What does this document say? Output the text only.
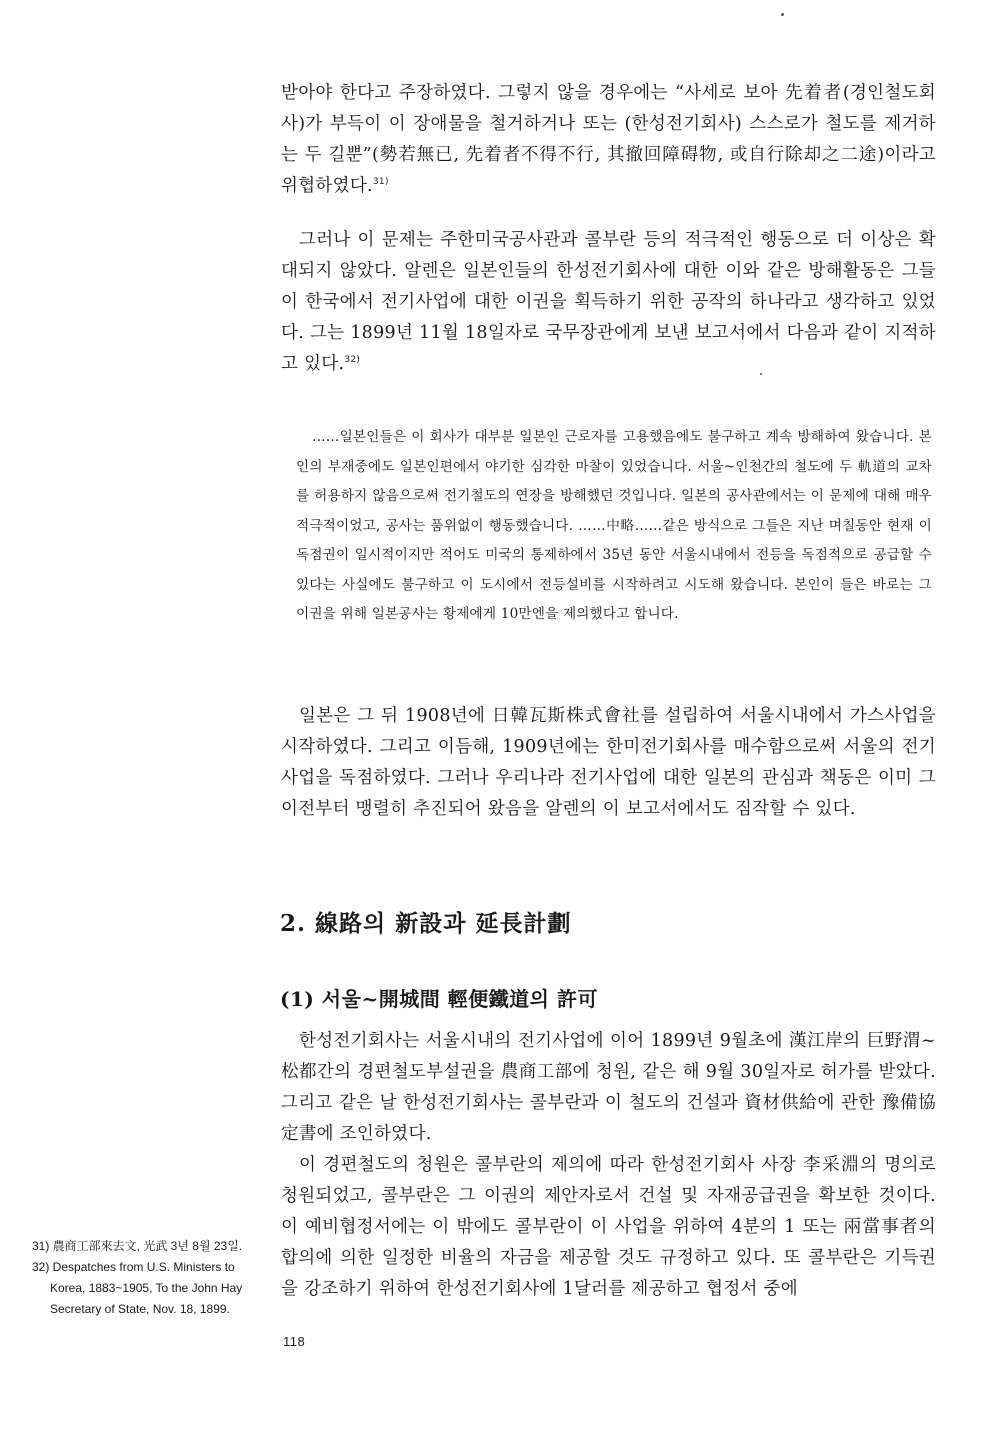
받아야 한다고 주장하였다. 그렇지 않을 경우에는 “사세로 보아 先着者(경인철도회사)가 부득이 이 장애물을 철거하거나 또는 (한성전기회사) 스스로가 철도를 제거하는 두 길뿐”(勢若無已, 先着者不得不行, 其撤回障碍物, 或自行除却之二途)이라고 위협하였다.$^{31)}$

그러나 이 문제는 주한미국공사관과 콜부란 등의 적극적인 행동으로 더 이상은 확대되지 않았다. 알렌은 일본인들의 한성전기회사에 대한 이와 같은 방해활동은 그들이 한국에서 전기사업에 대한 이권을 획득하기 위한 공작의 하나라고 생각하고 있었다. 그는 1899년 11월 18일자로 국무장관에게 보낸 보고서에서 다음과 같이 지적하고 있다.$^{32)}$

……일본인들은 이 회사가 대부분 일본인 근로자를 고용했음에도 불구하고 계속 방해하여 왔습니다. 본인의 부재중에도 일본인편에서 야기한 심각한 마찰이 있었습니다. 서울~인천간의 철도에 두 軌道의 교차를 허용하지 않음으로써 전기철도의 연장을 방해했던 것입니다. 일본의 공사관에서는 이 문제에 대해 매우 적극적이었고, 공사는 품위없이 행동했습니다. ……中略……같은 방식으로 그들은 지난 며칠동안 현재 이 독점권이 일시적이지만 적어도 미국의 통제하에서 35년 동안 서울시내에서 전등을 독점적으로 공급할 수 있다는 사실에도 불구하고 이 도시에서 전등설비를 시작하려고 시도해 왔습니다. 본인이 들은 바로는 그 이권을 위해 일본공사는 황제에게 10만엔을 제의했다고 합니다.

일본은 그 뒤 1908년에 日韓瓦斯株式會社를 설립하여 서울시내에서 가스사업을 시작하였다. 그리고 이듬해, 1909년에는 한미전기회사를 매수함으로써 서울의 전기사업을 독점하였다. 그러나 우리나라 전기사업에 대한 일본의 관심과 책동은 이미 그 이전부터 맹렬히 추진되어 왔음을 알렌의 이 보고서에서도 짐작할 수 있다.

2. 線路의 新設과 延長計劃
(1) 서울~開城間 輕便鐵道의 許可

한성전기회사는 서울시내의 전기사업에 이어 1899년 9월초에 漢江岸의 巨野渭~松都간의 경편철도부설권을 農商工部에 청원, 같은 해 9월 30일자로 허가를 받았다. 그리고 같은 날 한성전기회사는 콜부란과 이 철도의 건설과 資材供給에 관한 豫備協定書에 조인하였다.

이 경편철도의 청원은 콜부란의 제의에 따라 한성전기회사 사장 李采淵의 명의로 청원되었고, 콜부란은 그 이권의 제안자로서 건설 및 자재공급권을 확보한 것이다. 이 예비협정서에는 이 밖에도 콜부란이 이 사업을 위하여 4분의 1 또는 兩當事者의 합의에 의한 일정한 비율의 자금을 제공할 것도 규정하고 있다. 또 콜부란은 기득권을 강조하기 위하여 한성전기회사에 1달러를 제공하고 협정서 중에

31) 農商工部來去文, 光武 3년 8월 23일.
32) Despatches from U.S. Ministers to Korea, 1883~1905, To the John Hay Secretary of State, Nov. 18, 1899.

118
